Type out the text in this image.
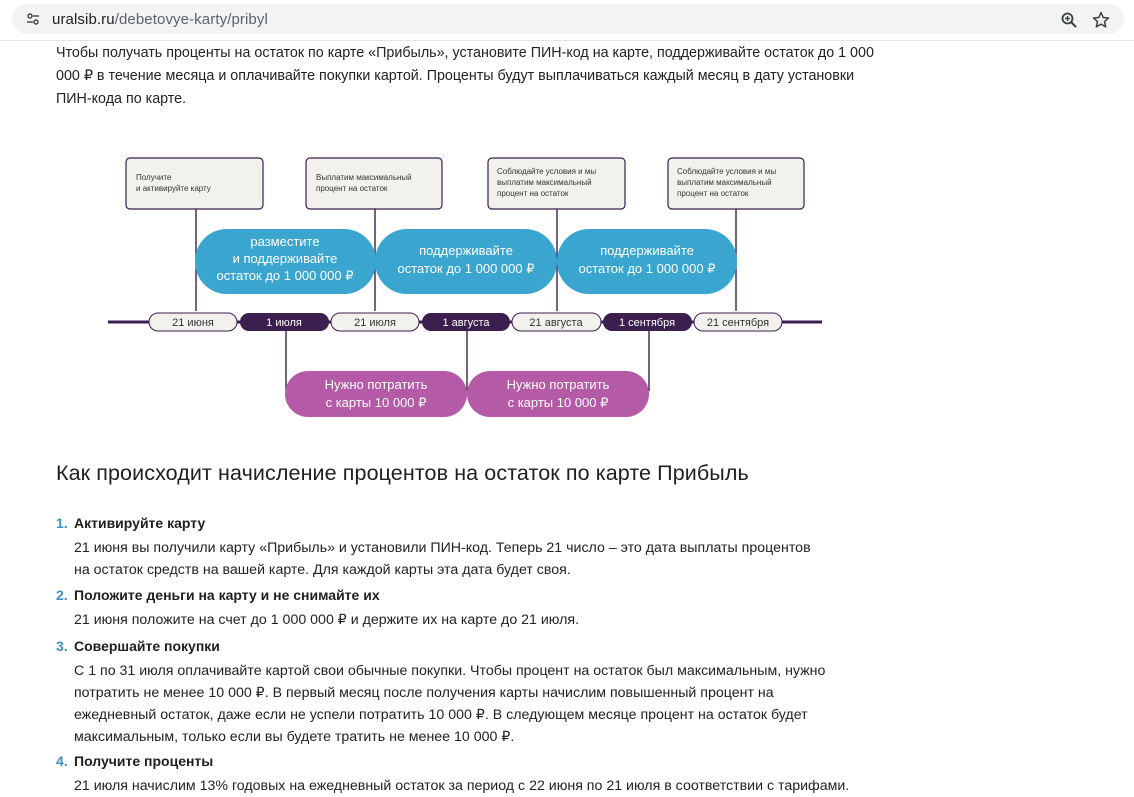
uralsib.ru/debetovye-karty/pribyl

Чтобы получать проценты на остаток по карте «Прибыль», установите ПИН-код на карте, поддерживайте остаток до 1 000 000 ₽ в течение месяца и оплачивайте покупки картой. Проценты будут выплачиваться каждый месяц в дату установки ПИН-кода по карте.

Получите и активируйте карту
Выплатим максимальный процент на остаток
Соблюдайте условия и мы выплатим максимальный процент на остаток
Соблюдайте условия и мы выплатим максимальный процент на остаток
разместите и поддерживайте остаток до 1 000 000 ₽
поддерживайте остаток до 1 000 000 ₽
поддерживайте остаток до 1 000 000 ₽
21 июня	1 июля	21 июля	1 августа	21 августа	1 сентября	21 сентября
Нужно потратить с карты 10 000 ₽
Нужно потратить с карты 10 000 ₽
Как происходит начисление процентов на остаток по карте Прибыль
1. Активируйте карту
21 июня вы получили карту «Прибыль» и установили ПИН-код. Теперь 21 число – это дата выплаты процентов
на остаток средств на вашей карте. Для каждой карты эта дата будет своя.
2. Положите деньги на карту и не снимайте их
21 июня положите на счет до 1 000 000 ₽ и держите их на карте до 21 июля.
3. Совершайте покупки
С 1 по 31 июля оплачивайте картой свои обычные покупки. Чтобы процент на остаток был максимальным, нужно
потратить не менее 10 000 ₽. В первый месяц после получения карты начислим повышенный процент на
ежедневный остаток, даже если не успели потратить 10 000 ₽. В следующем месяце процент на остаток будет
максимальным, только если вы будете тратить не менее 10 000 ₽.
4. Получите проценты
21 июля начислим 13% годовых на ежедневный остаток за период с 22 июня по 21 июля в соответствии с тарифами.
